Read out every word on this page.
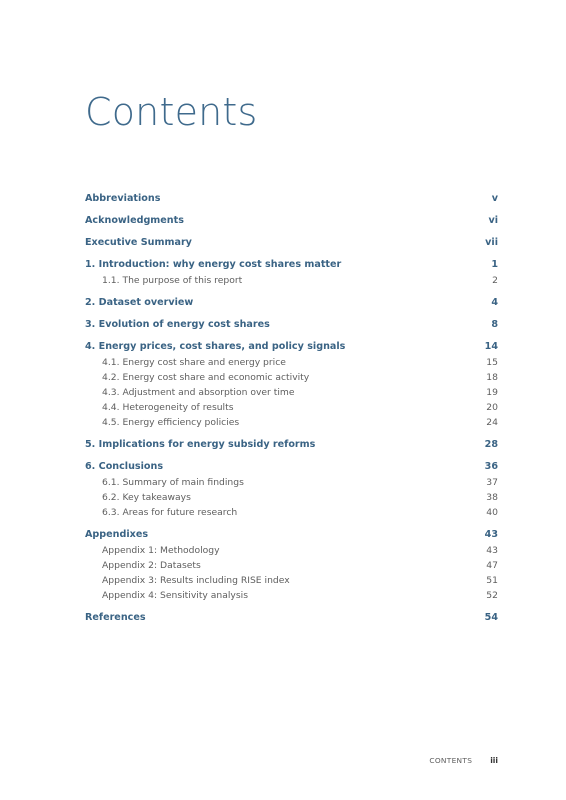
Contents
Abbreviations	v
Acknowledgments	vi
Executive Summary	vii
1. Introduction: why energy cost shares matter	1
1.1. The purpose of this report	2
2. Dataset overview	4
3. Evolution of energy cost shares	8
4. Energy prices, cost shares, and policy signals	14
4.1. Energy cost share and energy price	15
4.2. Energy cost share and economic activity	18
4.3. Adjustment and absorption over time	19
4.4. Heterogeneity of results	20
4.5. Energy efficiency policies	24
5. Implications for energy subsidy reforms	28
6. Conclusions	36
6.1. Summary of main findings	37
6.2. Key takeaways	38
6.3. Areas for future research	40
Appendixes	43
Appendix 1: Methodology	43
Appendix 2: Datasets	47
Appendix 3: Results including RISE index	51
Appendix 4: Sensitivity analysis	52
References	54
CONTENTS iii
